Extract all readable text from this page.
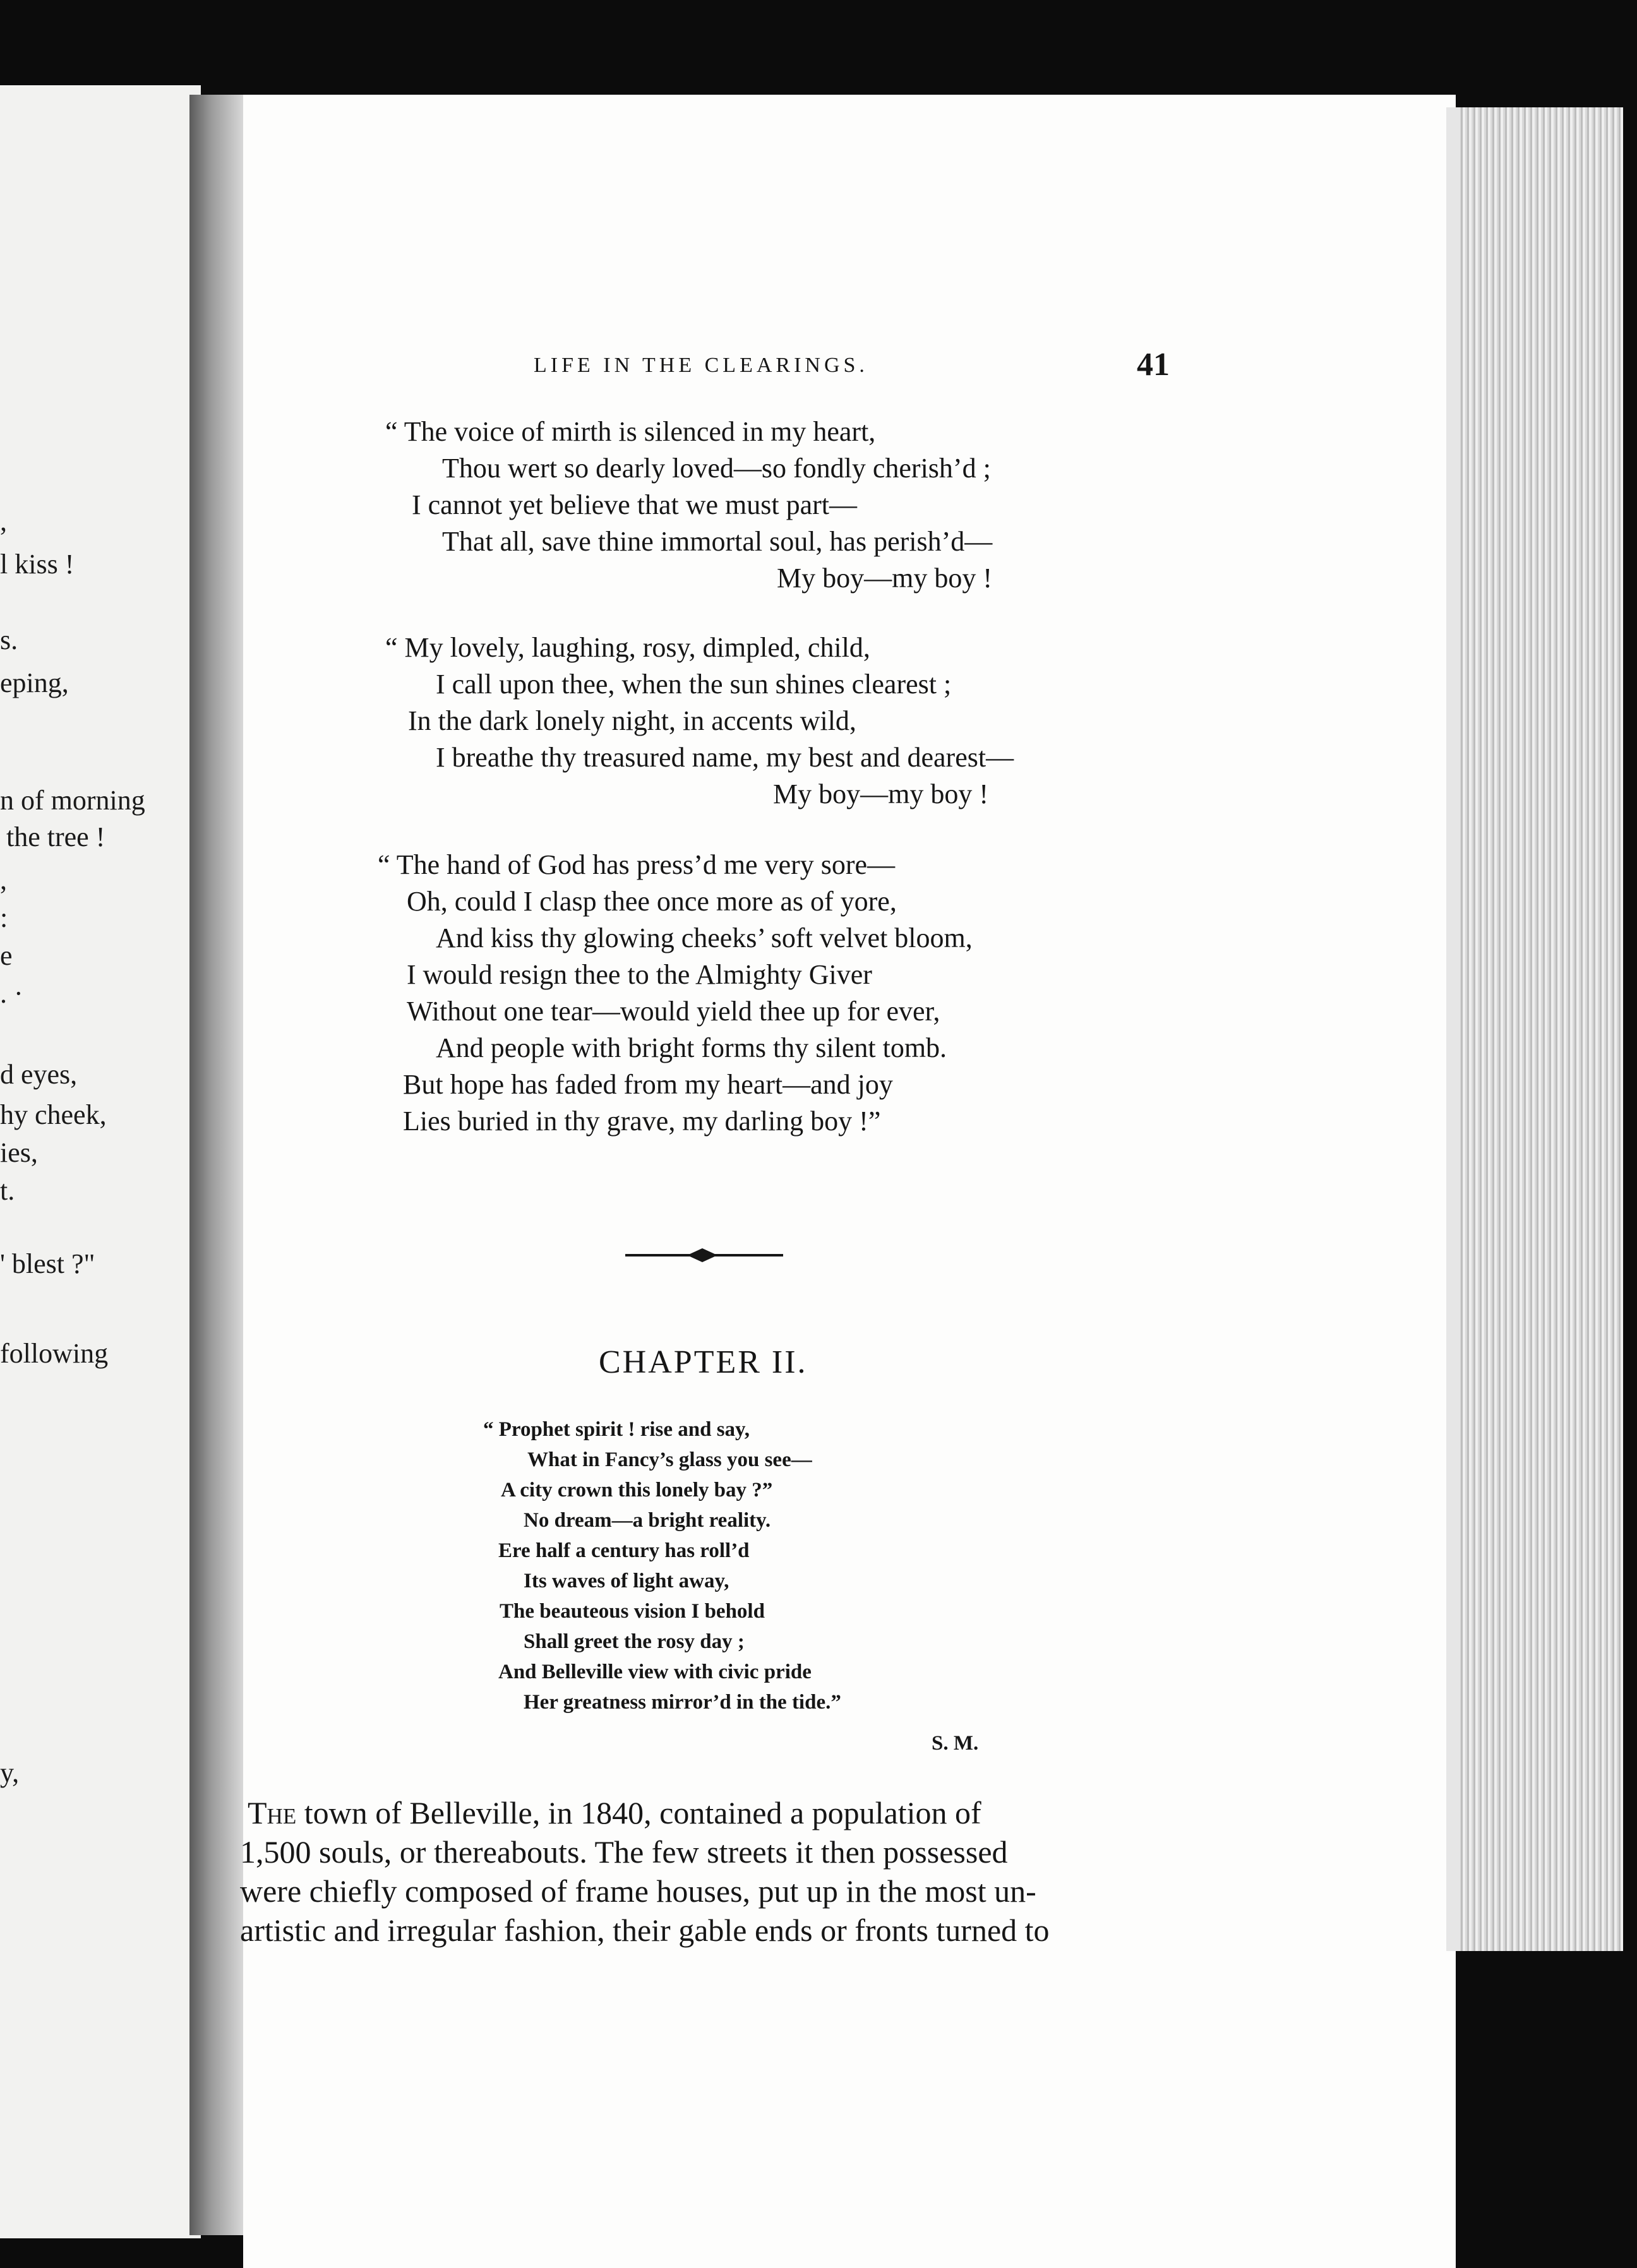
,
l kiss !
s.
eping,
n of morning
the tree !
,
:
e
. ·
d eyes,
hy cheek,
ies,
t.
' blest ?"
following
y,
LIFE IN THE CLEARINGS.	41
“ The voice of mirth is silenced in my heart,
Thou wert so dearly loved—so fondly cherish’d ;
I cannot yet believe that we must part—
That all, save thine immortal soul, has perish’d—
My boy—my boy !
“ My lovely, laughing, rosy, dimpled, child,
I call upon thee, when the sun shines clearest ;
In the dark lonely night, in accents wild,
I breathe thy treasured name, my best and dearest—
My boy—my boy !
“ The hand of God has press’d me very sore—
Oh, could I clasp thee once more as of yore,
And kiss thy glowing cheeks’ soft velvet bloom,
I would resign thee to the Almighty Giver
Without one tear—would yield thee up for ever,
And people with bright forms thy silent tomb.
But hope has faded from my heart—and joy
Lies buried in thy grave, my darling boy !”
CHAPTER II.
“ Prophet spirit ! rise and say,
What in Fancy’s glass you see—
A city crown this lonely bay ?”
No dream—a bright reality.
Ere half a century has roll’d
Its waves of light away,
The beauteous vision I behold
Shall greet the rosy day ;
And Belleville view with civic pride
Her greatness mirror’d in the tide.”
S. M.
The town of Belleville, in 1840, contained a population of
1,500 souls, or thereabouts. The few streets it then possessed
were chiefly composed of frame houses, put up in the most un-
artistic and irregular fashion, their gable ends or fronts turned to
